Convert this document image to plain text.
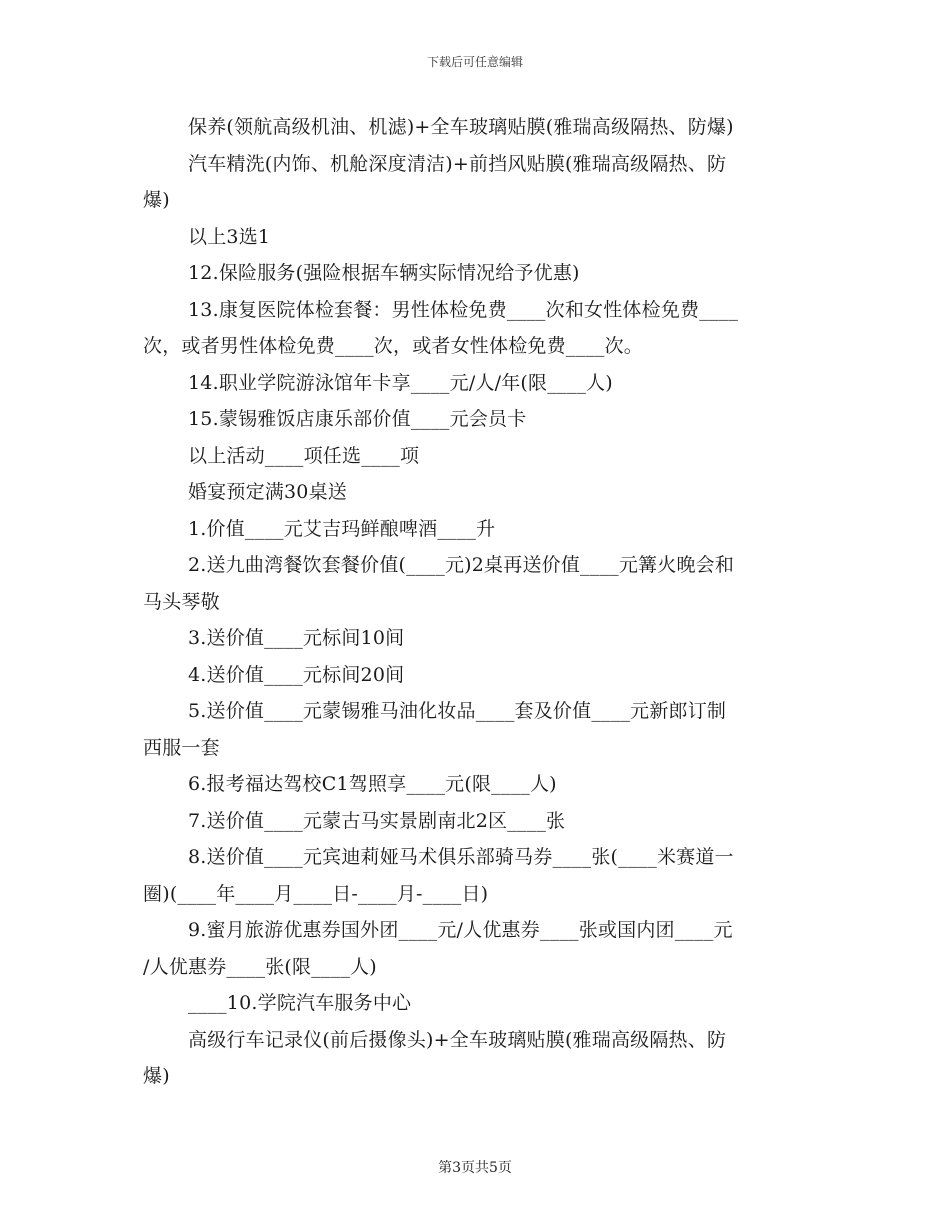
下载后可任意编辑
保养(领航高级机油、机滤)+全车玻璃贴膜(雅瑞高级隔热、防爆)
汽车精洗(内饰、机舱深度清洁)+前挡风贴膜(雅瑞高级隔热、防
爆)
以上3选1
12.保险服务(强险根据车辆实际情况给予优惠)
13.康复医院体检套餐：男性体检免费____次和女性体检免费____
次，或者男性体检免费____次，或者女性体检免费____次。
14.职业学院游泳馆年卡享____元/人/年(限____人)
15.蒙锡雅饭店康乐部价值____元会员卡
以上活动____项任选____项
婚宴预定满30桌送
1.价值____元艾吉玛鲜酿啤酒____升
2.送九曲湾餐饮套餐价值(____元)2桌再送价值____元篝火晚会和
马头琴敬
3.送价值____元标间10间
4.送价值____元标间20间
5.送价值____元蒙锡雅马油化妆品____套及价值____元新郎订制
西服一套
6.报考福达驾校C1驾照享____元(限____人)
7.送价值____元蒙古马实景剧南北2区____张
8.送价值____元宾迪莉娅马术俱乐部骑马券____张(____米赛道一
圈)(____年____月____日-____月-____日)
9.蜜月旅游优惠券国外团____元/人优惠券____张或国内团____元
/人优惠券____张(限____人)
____10.学院汽车服务中心
高级行车记录仪(前后摄像头)+全车玻璃贴膜(雅瑞高级隔热、防
爆)
第3页共5页
